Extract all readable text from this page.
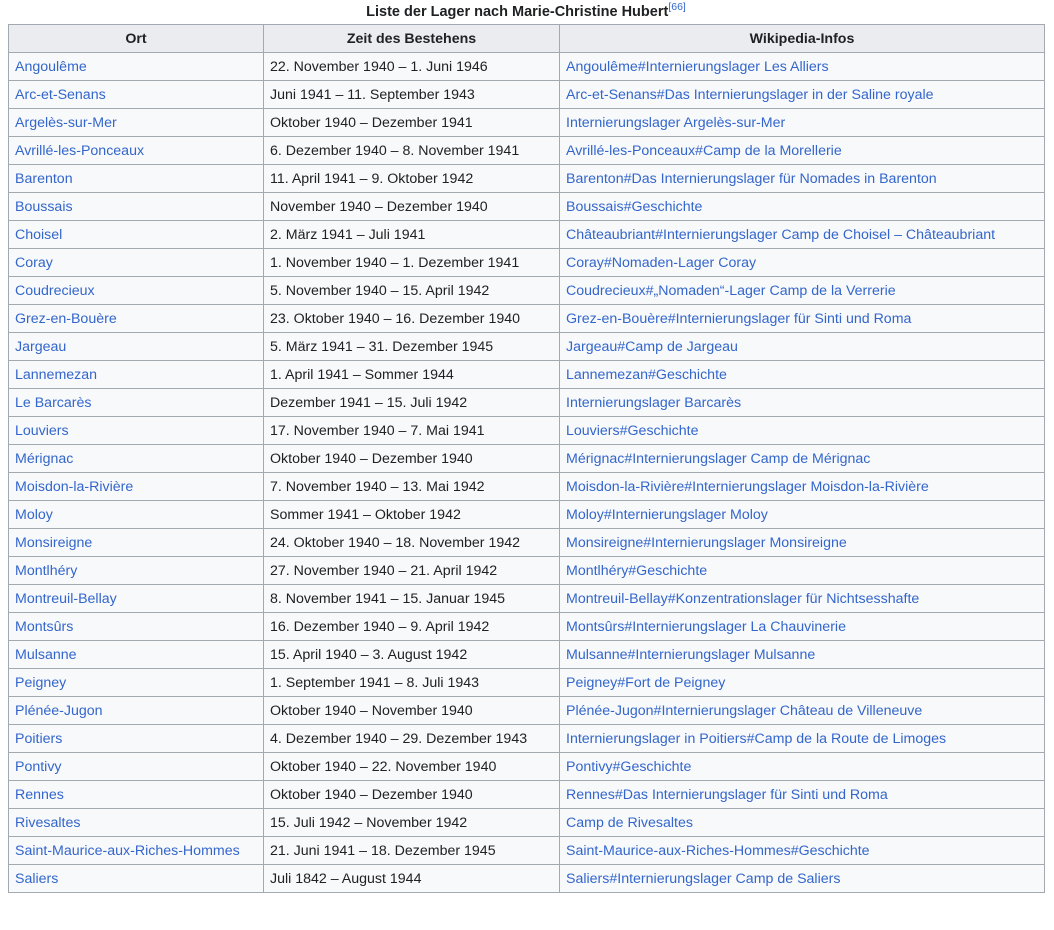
Liste der Lager nach Marie-Christine Hubert[66]
Ort	Zeit des Bestehens	Wikipedia-Infos
Angoulême	22. November 1940 – 1. Juni 1946	Angoulême#Internierungslager Les Alliers
Arc-et-Senans	Juni 1941 – 11. September 1943	Arc-et-Senans#Das Internierungslager in der Saline royale
Argelès-sur-Mer	Oktober 1940 – Dezember 1941	Internierungslager Argelès-sur-Mer
Avrillé-les-Ponceaux	6. Dezember 1940 – 8. November 1941	Avrillé-les-Ponceaux#Camp de la Morellerie
Barenton	11. April 1941 – 9. Oktober 1942	Barenton#Das Internierungslager für Nomades in Barenton
Boussais	November 1940 – Dezember 1940	Boussais#Geschichte
Choisel	2. März 1941 – Juli 1941	Châteaubriant#Internierungslager Camp de Choisel – Châteaubriant
Coray	1. November 1940 – 1. Dezember 1941	Coray#Nomaden-Lager Coray
Coudrecieux	5. November 1940 – 15. April 1942	Coudrecieux#„Nomaden“-Lager Camp de la Verrerie
Grez-en-Bouère	23. Oktober 1940 – 16. Dezember 1940	Grez-en-Bouère#Internierungslager für Sinti und Roma
Jargeau	5. März 1941 – 31. Dezember 1945	Jargeau#Camp de Jargeau
Lannemezan	1. April 1941 – Sommer 1944	Lannemezan#Geschichte
Le Barcarès	Dezember 1941 – 15. Juli 1942	Internierungslager Barcarès
Louviers	17. November 1940 – 7. Mai 1941	Louviers#Geschichte
Mérignac	Oktober 1940 – Dezember 1940	Mérignac#Internierungslager Camp de Mérignac
Moisdon-la-Rivière	7. November 1940 – 13. Mai 1942	Moisdon-la-Rivière#Internierungslager Moisdon-la-Rivière
Moloy	Sommer 1941 – Oktober 1942	Moloy#Internierungslager Moloy
Monsireigne	24. Oktober 1940 – 18. November 1942	Monsireigne#Internierungslager Monsireigne
Montlhéry	27. November 1940 – 21. April 1942	Montlhéry#Geschichte
Montreuil-Bellay	8. November 1941 – 15. Januar 1945	Montreuil-Bellay#Konzentrationslager für Nichtsesshafte
Montsûrs	16. Dezember 1940 – 9. April 1942	Montsûrs#Internierungslager La Chauvinerie
Mulsanne	15. April 1940 – 3. August 1942	Mulsanne#Internierungslager Mulsanne
Peigney	1. September 1941 – 8. Juli 1943	Peigney#Fort de Peigney
Plénée-Jugon	Oktober 1940 – November 1940	Plénée-Jugon#Internierungslager Château de Villeneuve
Poitiers	4. Dezember 1940 – 29. Dezember 1943	Internierungslager in Poitiers#Camp de la Route de Limoges
Pontivy	Oktober 1940 – 22. November 1940	Pontivy#Geschichte
Rennes	Oktober 1940 – Dezember 1940	Rennes#Das Internierungslager für Sinti und Roma
Rivesaltes	15. Juli 1942 – November 1942	Camp de Rivesaltes
Saint-Maurice-aux-Riches-Hommes	21. Juni 1941 – 18. Dezember 1945	Saint-Maurice-aux-Riches-Hommes#Geschichte
Saliers	Juli 1842 – August 1944	Saliers#Internierungslager Camp de Saliers
